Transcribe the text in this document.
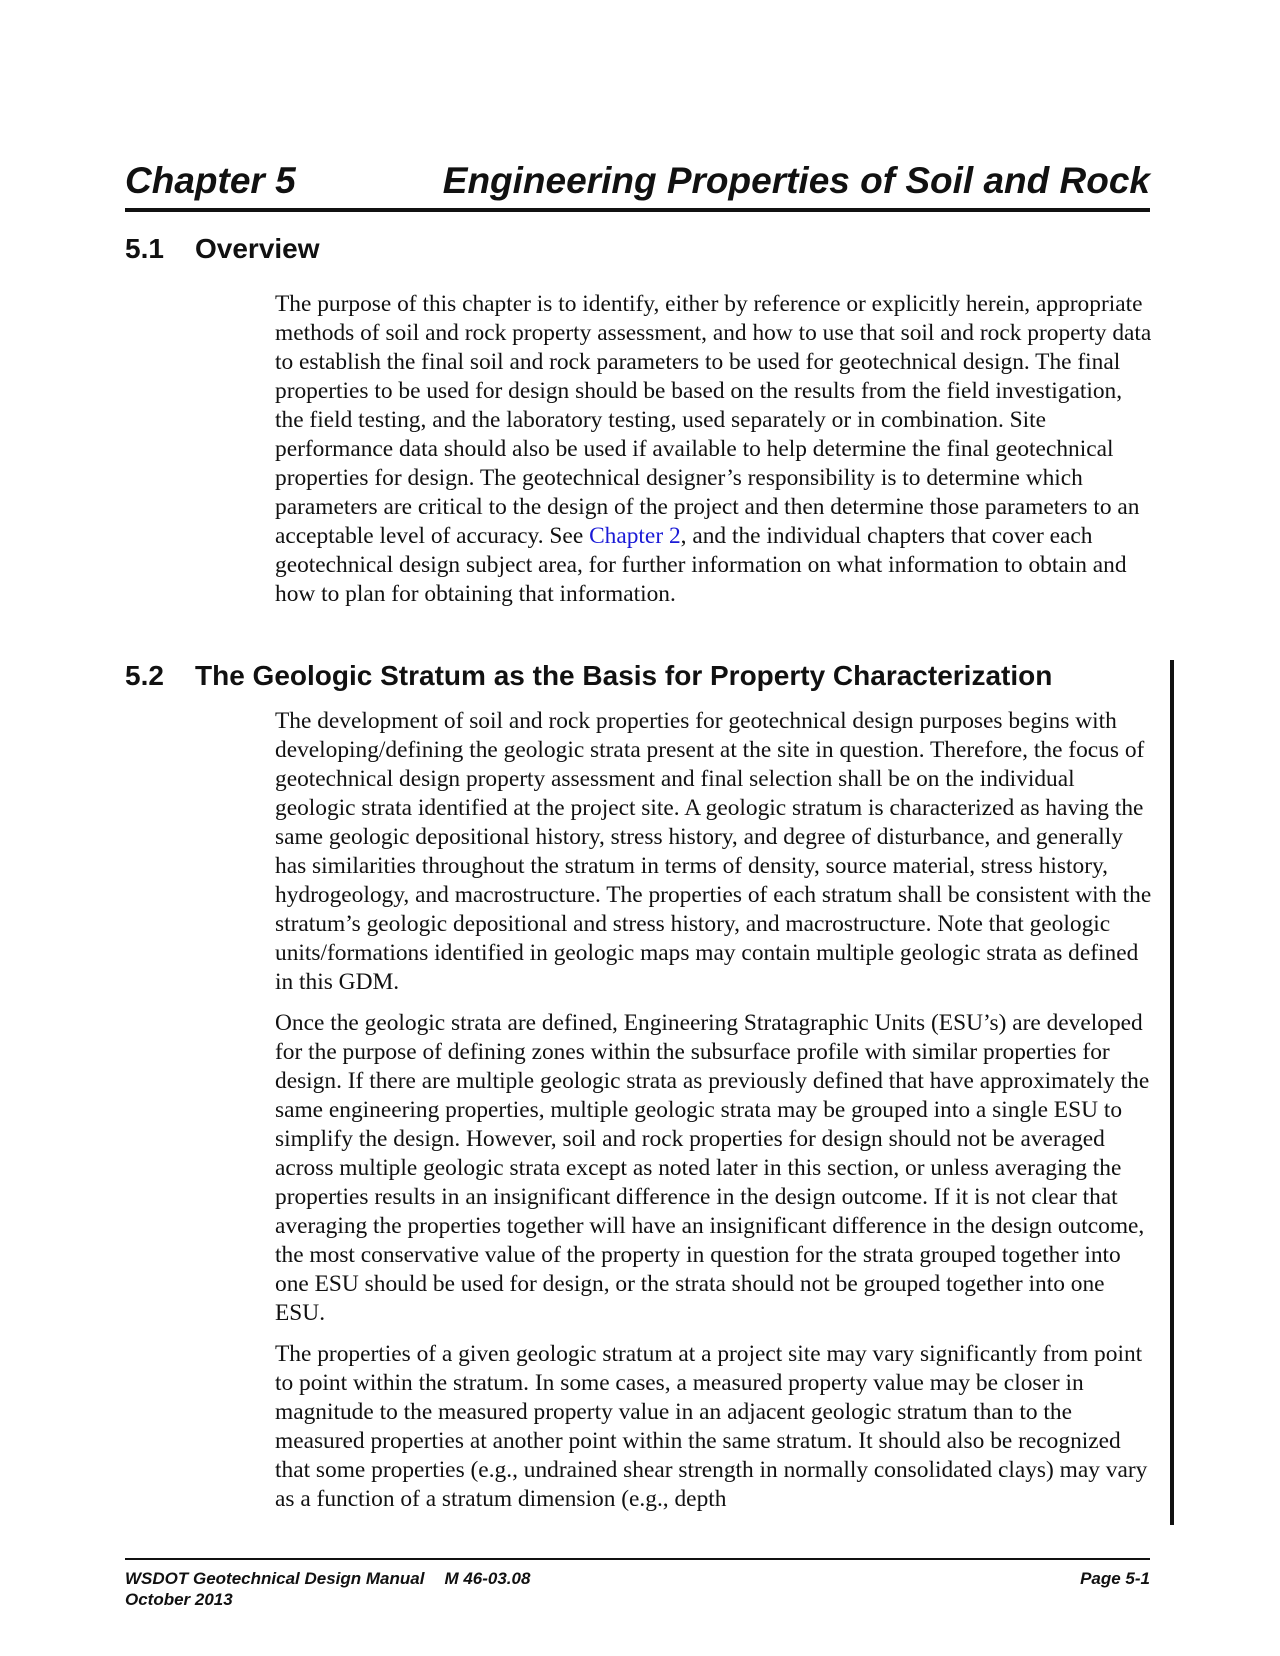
Chapter 5	Engineering Properties of Soil and Rock
5.1 Overview

The purpose of this chapter is to identify, either by reference or explicitly herein, appropriate methods of soil and rock property assessment, and how to use that soil and rock property data to establish the final soil and rock parameters to be used for geotechnical design. The final properties to be used for design should be based on the results from the field investigation, the field testing, and the laboratory testing, used separately or in combination. Site performance data should also be used if available to help determine the final geotechnical properties for design. The geotechnical designer’s responsibility is to determine which parameters are critical to the design of the project and then determine those parameters to an acceptable level of accuracy. See Chapter 2, and the individual chapters that cover each geotechnical design subject area, for further information on what information to obtain and how to plan for obtaining that information.

5.2 The Geologic Stratum as the Basis for Property Characterization

The development of soil and rock properties for geotechnical design purposes begins with developing/defining the geologic strata present at the site in question. Therefore, the focus of geotechnical design property assessment and final selection shall be on the individual geologic strata identified at the project site. A geologic stratum is characterized as having the same geologic depositional history, stress history, and degree of disturbance, and generally has similarities throughout the stratum in terms of density, source material, stress history, hydrogeology, and macrostructure. The properties of each stratum shall be consistent with the stratum’s geologic depositional and stress history, and macrostructure. Note that geologic units/formations identified in geologic maps may contain multiple geologic strata as defined in this GDM.

Once the geologic strata are defined, Engineering Stratagraphic Units (ESU’s) are developed for the purpose of defining zones within the subsurface profile with similar properties for design. If there are multiple geologic strata as previously defined that have approximately the same engineering properties, multiple geologic strata may be grouped into a single ESU to simplify the design. However, soil and rock properties for design should not be averaged across multiple geologic strata except as noted later in this section, or unless averaging the properties results in an insignificant difference in the design outcome. If it is not clear that averaging the properties together will have an insignificant difference in the design outcome, the most conservative value of the property in question for the strata grouped together into one ESU should be used for design, or the strata should not be grouped together into one ESU.

The properties of a given geologic stratum at a project site may vary significantly from point to point within the stratum. In some cases, a measured property value may be closer in magnitude to the measured property value in an adjacent geologic stratum than to the measured properties at another point within the same stratum. It should also be recognized that some properties (e.g., undrained shear strength in normally consolidated clays) may vary as a function of a stratum dimension (e.g., depth

WSDOT Geotechnical Design Manual M 46-03.08
October 2013
Page 5-1
